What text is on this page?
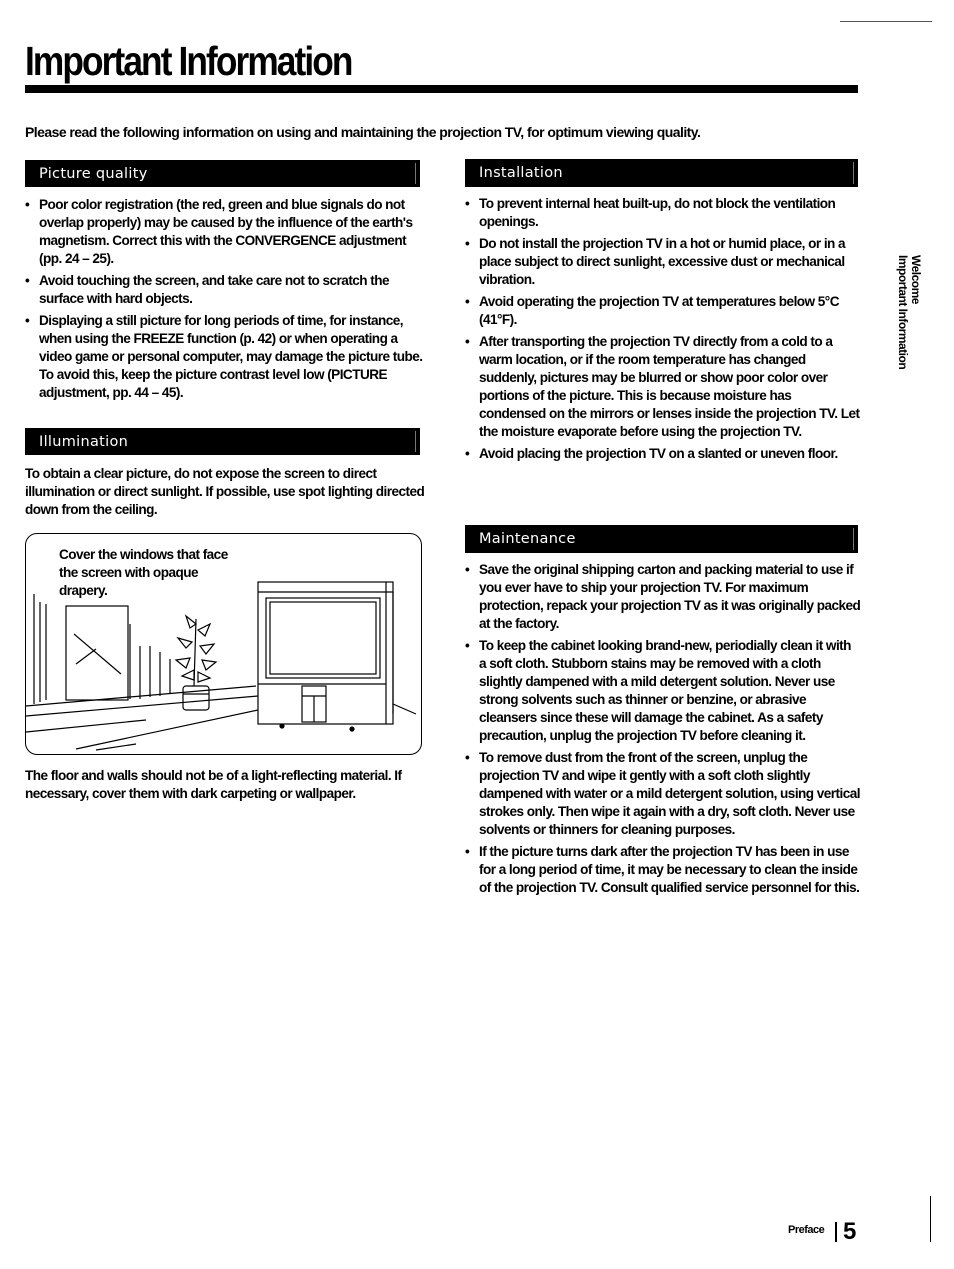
Important Information

Please read the following information on using and maintaining the projection TV, for optimum viewing quality.

Picture quality
• Poor color registration (the red, green and blue signals do not overlap properly) may be caused by the influence of the earth's magnetism. Correct this with the CONVERGENCE adjustment (pp. 24 – 25).
• Avoid touching the screen, and take care not to scratch the surface with hard objects.
• Displaying a still picture for long periods of time, for instance, when using the FREEZE function (p. 42) or when operating a video game or personal computer, may damage the picture tube. To avoid this, keep the picture contrast level low (PICTURE adjustment, pp. 44 – 45).
Illumination

To obtain a clear picture, do not expose the screen to direct illumination or direct sunlight. If possible, use spot lighting directed down from the ceiling.

Cover the windows that face the screen with opaque drapery.

The floor and walls should not be of a light-reflecting material. If necessary, cover them with dark carpeting or wallpaper.

Installation
• To prevent internal heat built-up, do not block the ventilation openings.
• Do not install the projection TV in a hot or humid place, or in a place subject to direct sunlight, excessive dust or mechanical vibration.
• Avoid operating the projection TV at temperatures below 5°C (41°F).
• After transporting the projection TV directly from a cold to a warm location, or if the room temperature has changed suddenly, pictures may be blurred or show poor color over portions of the picture. This is because moisture has condensed on the mirrors or lenses inside the projection TV. Let the moisture evaporate before using the projection TV.
• Avoid placing the projection TV on a slanted or uneven floor.
Maintenance
• Save the original shipping carton and packing material to use if you ever have to ship your projection TV. For maximum protection, repack your projection TV as it was originally packed at the factory.
• To keep the cabinet looking brand-new, periodially clean it with a soft cloth. Stubborn stains may be removed with a cloth slightly dampened with a mild detergent solution. Never use strong solvents such as thinner or benzine, or abrasive cleansers since these will damage the cabinet. As a safety precaution, unplug the projection TV before cleaning it.
• To remove dust from the front of the screen, unplug the projection TV and wipe it gently with a soft cloth slightly dampened with water or a mild detergent solution, using vertical strokes only. Then wipe it again with a dry, soft cloth. Never use solvents or thinners for cleaning purposes.
• If the picture turns dark after the projection TV has been in use for a long period of time, it may be necessary to clean the inside of the projection TV. Consult qualified service personnel for this.
Welcome
Important Information
Preface 5
